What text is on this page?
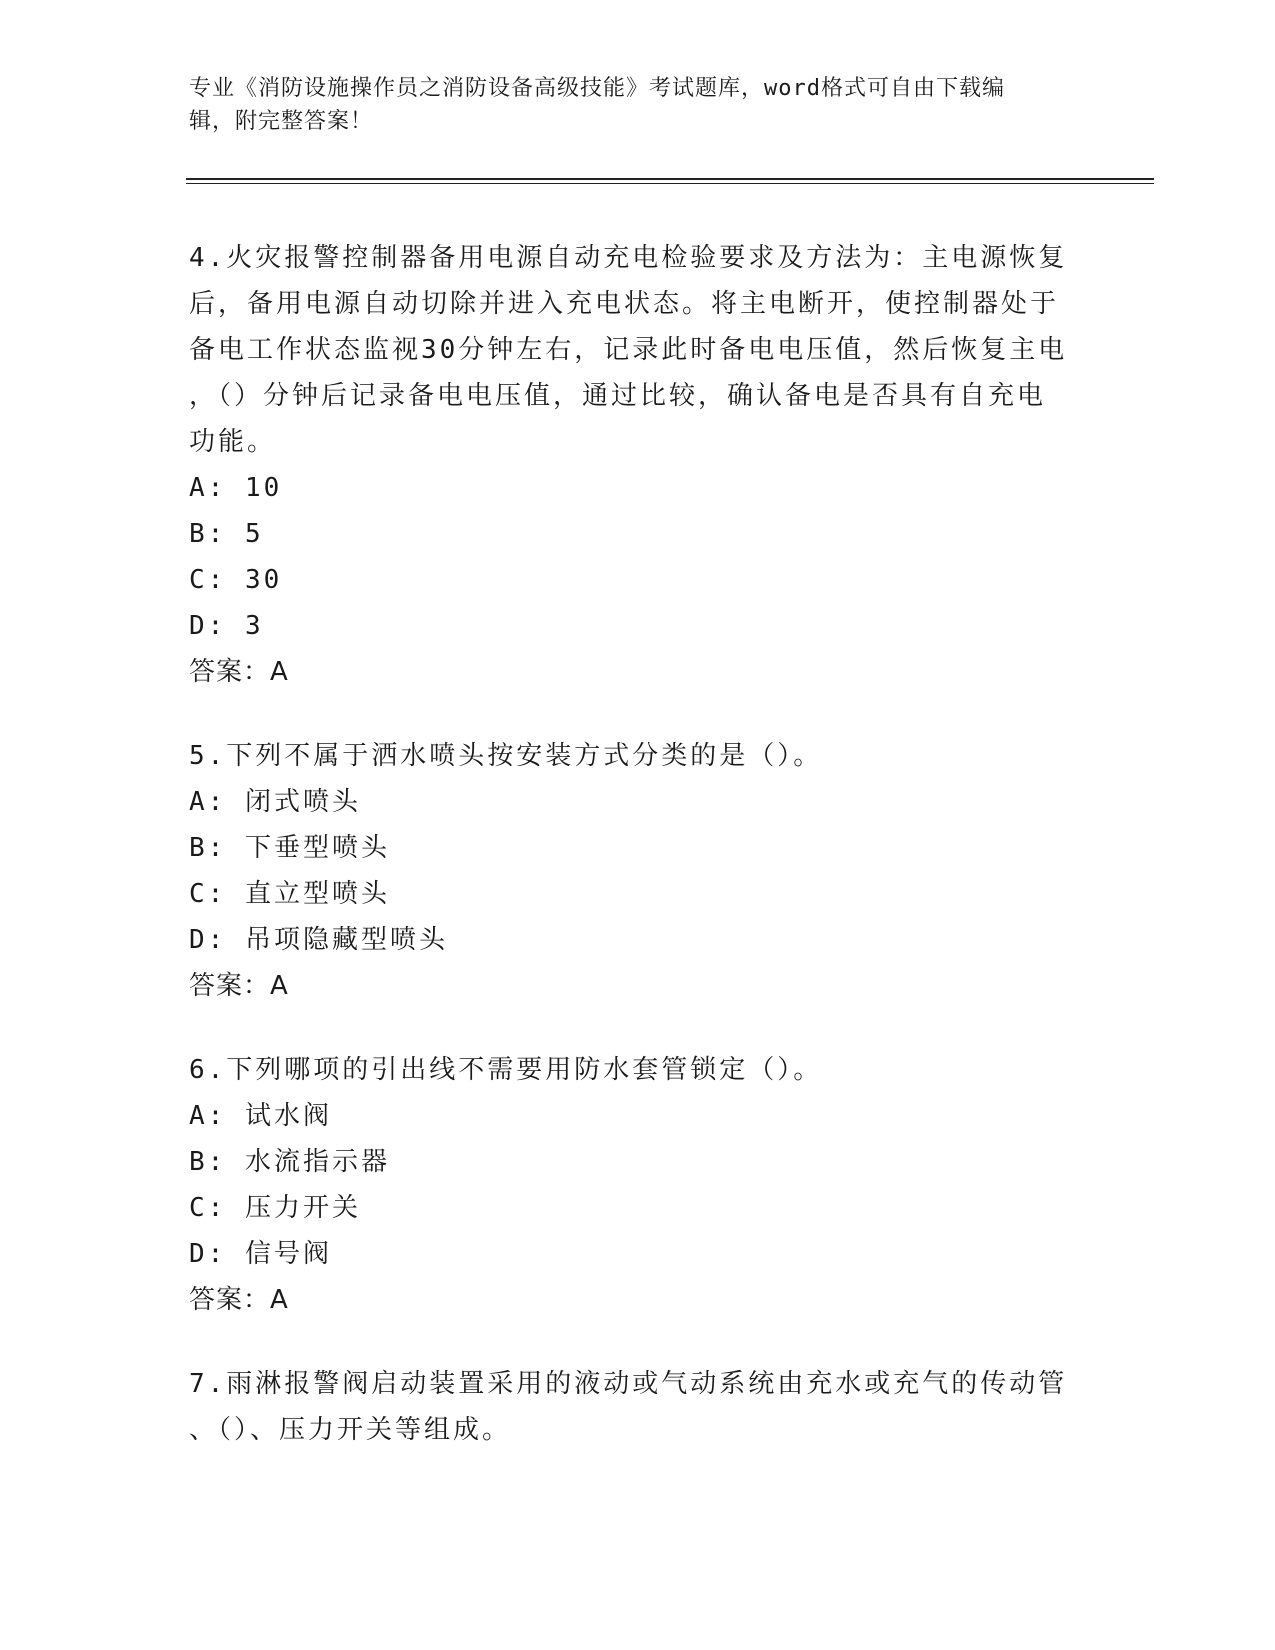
专业《消防设施操作员之消防设备高级技能》考试题库，word格式可自由下载编
辑，附完整答案！

4.火灾报警控制器备用电源自动充电检验要求及方法为：主电源恢复

后，备用电源自动切除并进入充电状态。将主电断开，使控制器处于

备电工作状态监视30分钟左右，记录此时备电电压值，然后恢复主电

，（）分钟后记录备电电压值，通过比较，确认备电是否具有自充电

功能。

A: 10

B: 5

C: 30

D: 3

答案：A

5.下列不属于洒水喷头按安装方式分类的是（）。

A: 闭式喷头

B: 下垂型喷头

C: 直立型喷头

D: 吊项隐藏型喷头

答案：A

6.下列哪项的引出线不需要用防水套管锁定（）。

A: 试水阀

B: 水流指示器

C: 压力开关

D: 信号阀

答案：A

7.雨淋报警阀启动装置采用的液动或气动系统由充水或充气的传动管

、（）、压力开关等组成。
